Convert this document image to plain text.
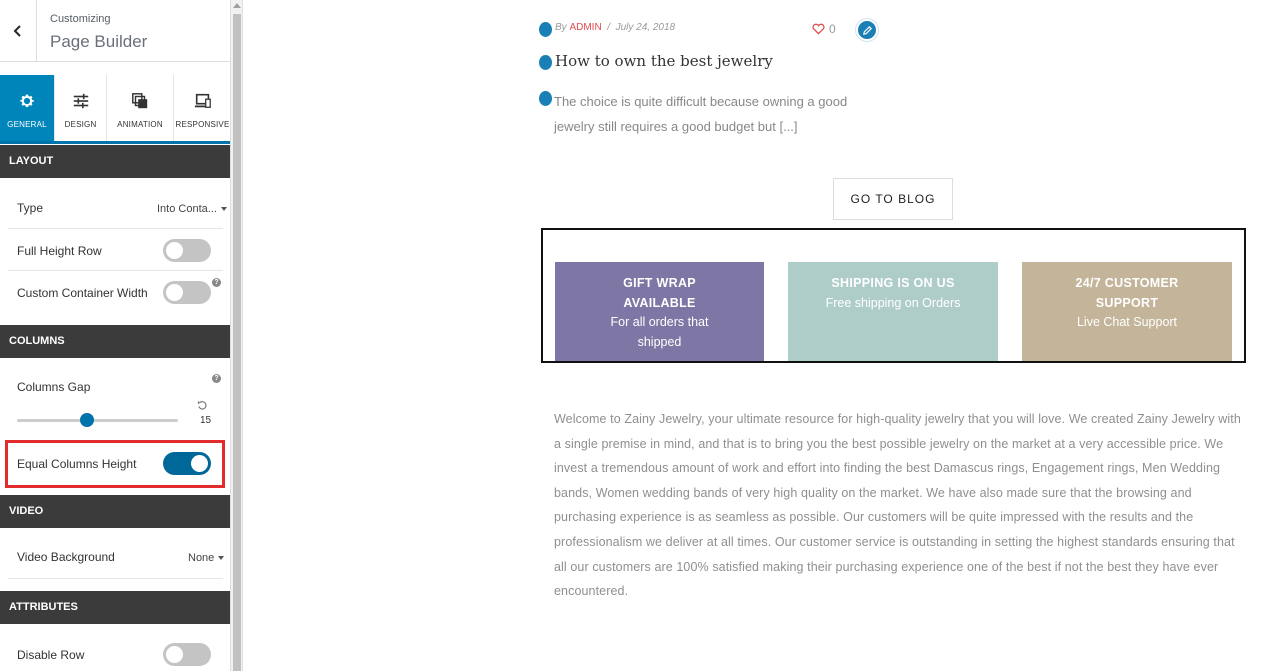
Customizing
Page Builder
GENERAL DESIGN	ANIMATION RESPONSIVE
LAYOUT
Type	Into Conta...
Full Height Row
Custom Container Width
?
COLUMNS
Columns Gap
?
15
Equal Columns Height
VIDEO
Video Background	None
ATTRIBUTES
Disable Row
By ADMIN / July 24, 2018	0
How to own the best jewelry
The choice is quite difficult because owning a good jewelry still requires a good budget but [...]
GO TO BLOG
GIFT WRAP AVAILABLE
For all orders that shipped
SHIPPING IS ON US
Free shipping on Orders
24/7 CUSTOMER SUPPORT
Live Chat Support
Welcome to Zainy Jewelry, your ultimate resource for high-quality jewelry that you will love. We created Zainy Jewelry with a single premise in mind, and that is to bring you the best possible jewelry on the market at a very accessible price. We invest a tremendous amount of work and effort into finding the best Damascus rings, Engagement rings, Men Wedding bands, Women wedding bands of very high quality on the market. We have also made sure that the browsing and purchasing experience is as seamless as possible. Our customers will be quite impressed with the results and the professionalism we deliver at all times. Our customer service is outstanding in setting the highest standards ensuring that all our customers are 100% satisfied making their purchasing experience one of the best if not the best they have ever encountered.
